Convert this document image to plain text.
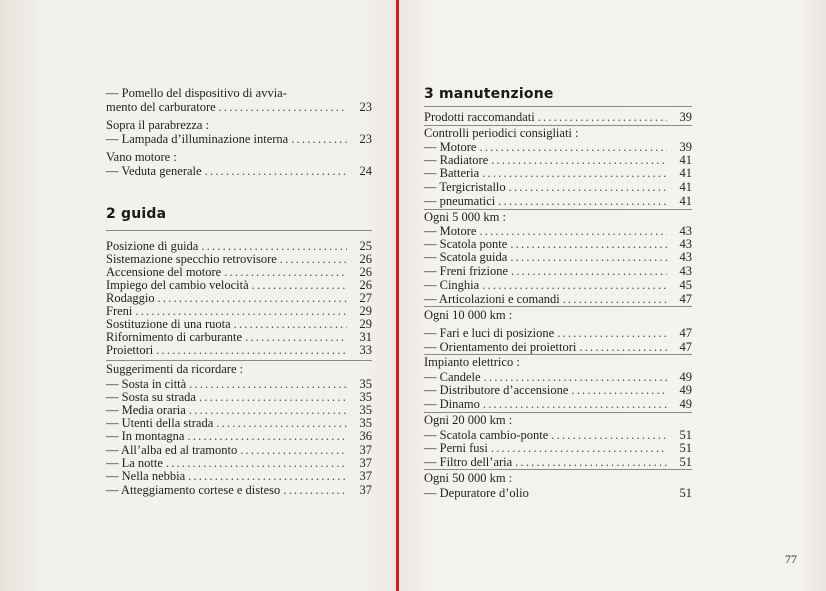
— Pomello del dispositivo di avvia-
mento del carburatore .....	23
Sopra il parabrezza :
— Lampada d’illuminazione interna .....	23
Vano motore :
— Veduta generale .....	24
2 guida
Posizione di guida .....	25
Sistemazione specchio retrovisore .....	26
Accensione del motore .....	26
Impiego del cambio velocità .....	26
Rodaggio .....	27
Freni .....	29
Sostituzione di una ruota .....	29
Rifornimento di carburante .....	31
Proiettori .....	33
Suggerimenti da ricordare :
— Sosta in città .....	35
— Sosta su strada .....	35
— Media oraria .....	35
— Utenti della strada .....	35
— In montagna .....	36
— All’alba ed al tramonto .....	37
— La notte .....	37
— Nella nebbia .....	37
— Atteggiamento cortese e disteso .....	37
3 manutenzione
Prodotti raccomandati .....	39
Controlli periodici consigliati :
— Motore .....	39
— Radiatore .....	41
— Batteria .....	41
— Tergicristallo .....	41
— pneumatici .....	41
Ogni 5 000 km :
— Motore .....	43
— Scatola ponte .....	43
— Scatola guida .....	43
— Freni frizione .....	43
— Cinghia .....	45
— Articolazioni e comandi .....	47
Ogni 10 000 km :
— Fari e luci di posizione .....	47
— Orientamento dei proiettori .....	47
Impianto elettrico :
— Candele .....	49
— Distributore d’accensione .....	49
— Dinamo .....	49
Ogni 20 000 km :
— Scatola cambio-ponte .....	51
— Perni fusi .....	51
— Filtro dell’aria .....	51
Ogni 50 000 km :
— Depuratore d’olio	51
77
